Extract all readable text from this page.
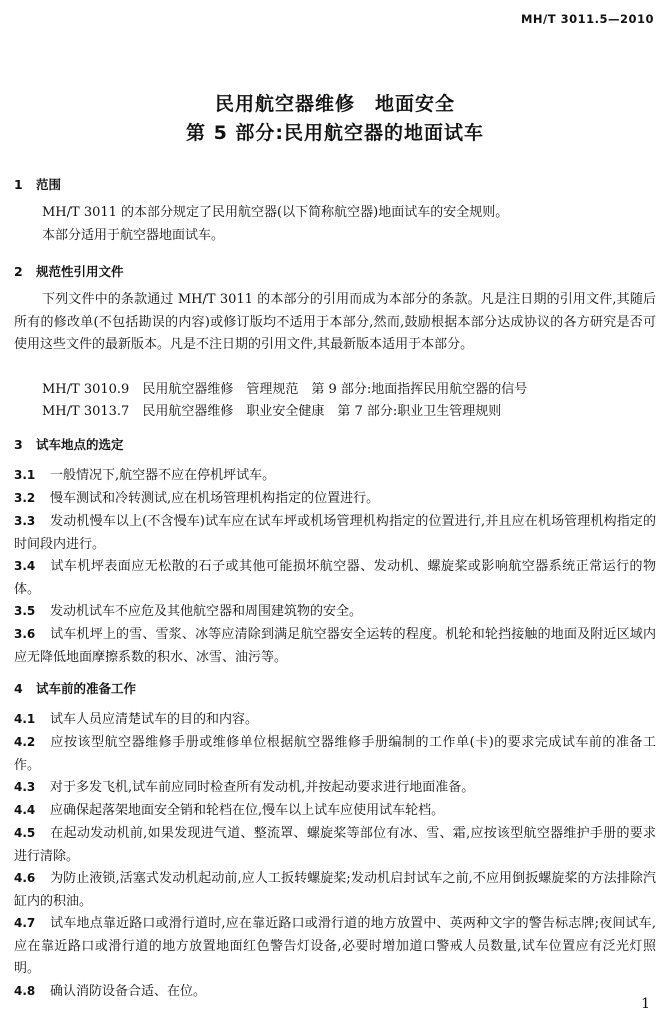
MH/T 3011.5—2010
民用航空器维修　地面安全
第 5 部分:民用航空器的地面试车
1 范围
MH/T 3011 的本部分规定了民用航空器(以下简称航空器)地面试车的安全规则。
本部分适用于航空器地面试车。
2 规范性引用文件
下列文件中的条款通过 MH/T 3011 的本部分的引用而成为本部分的条款。凡是注日期的引用文件,其随后所有的修改单(不包括勘误的内容)或修订版均不适用于本部分,然而,鼓励根据本部分达成协议的各方研究是否可使用这些文件的最新版本。凡是不注日期的引用文件,其最新版本适用于本部分。
MH/T 3010.9　民用航空器维修　管理规范　第 9 部分:地面指挥民用航空器的信号
MH/T 3013.7　民用航空器维修　职业安全健康　第 7 部分:职业卫生管理规则
3 试车地点的选定
3.1 一般情况下,航空器不应在停机坪试车。
3.2 慢车测试和冷转测试,应在机场管理机构指定的位置进行。
3.3 发动机慢车以上(不含慢车)试车应在试车坪或机场管理机构指定的位置进行,并且应在机场管理机构指定的时间段内进行。
3.4 试车机坪表面应无松散的石子或其他可能损坏航空器、发动机、螺旋桨或影响航空器系统正常运行的物体。
3.5 发动机试车不应危及其他航空器和周围建筑物的安全。
3.6 试车机坪上的雪、雪浆、冰等应清除到满足航空器安全运转的程度。机轮和轮挡接触的地面及附近区域内应无降低地面摩擦系数的积水、冰雪、油污等。
4 试车前的准备工作
4.1 试车人员应清楚试车的目的和内容。
4.2 应按该型航空器维修手册或维修单位根据航空器维修手册编制的工作单(卡)的要求完成试车前的准备工作。
4.3 对于多发飞机,试车前应同时检查所有发动机,并按起动要求进行地面准备。
4.4 应确保起落架地面安全销和轮档在位,慢车以上试车应使用试车轮档。
4.5 在起动发动机前,如果发现进气道、整流罩、螺旋桨等部位有冰、雪、霜,应按该型航空器维护手册的要求进行清除。
4.6 为防止液锁,活塞式发动机起动前,应人工扳转螺旋桨;发动机启封试车之前,不应用倒扳螺旋桨的方法排除汽缸内的积油。
4.7 试车地点靠近路口或滑行道时,应在靠近路口或滑行道的地方放置中、英两种文字的警告标志牌;夜间试车,应在靠近路口或滑行道的地方放置地面红色警告灯设备,必要时增加道口警戒人员数量,试车位置应有泛光灯照明。
4.8 确认消防设备合适、在位。
1
